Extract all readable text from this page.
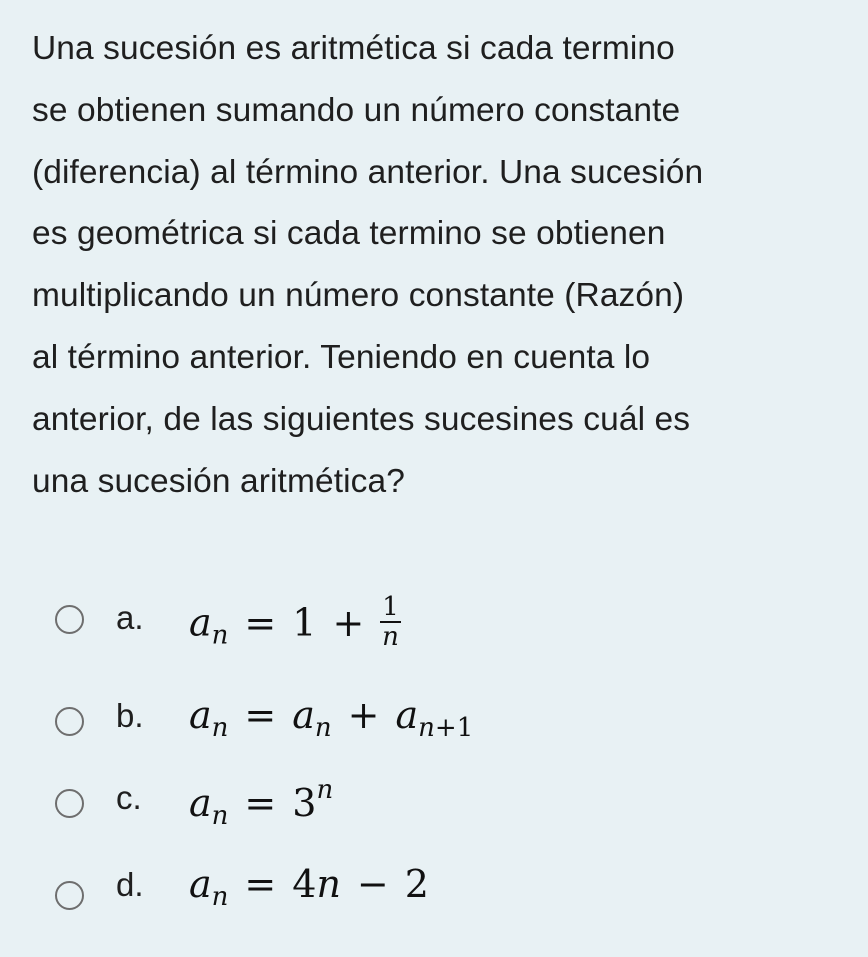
Una sucesión es aritmética si cada termino
se obtienen sumando un número constante
(diferencia) al término anterior. Una sucesión
es geométrica si cada termino se obtienen
multiplicando un número constante (Razón)
al término anterior. Teniendo en cuenta lo
anterior, de las siguientes sucesines cuál es
una sucesión aritmética?
a. $a_n = 1 + \frac{1}{n}$
b. $a_n = a_n + a_{n+1}$
c. $a_n = 3^n$
d. $a_n = 4n - 2$
